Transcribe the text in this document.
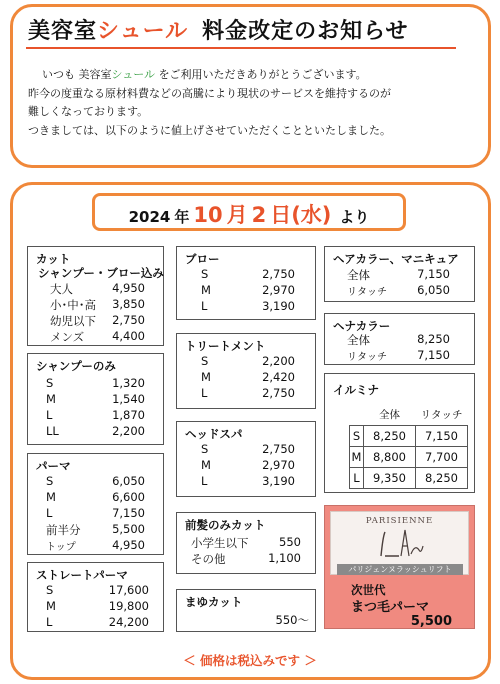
美容室シュール 料金改定のお知らせ
いつも 美容室シュール をご利用いただきありがとうございます。
昨今の度重なる原材料費などの高騰により現状のサービスを維持するのが
難しくなっております。
つきましては、以下のように値上げさせていただくことといたしました。
2024 年 10 月 2 日 (水) より
カット
シャンプー・ブロー込み
大人	4,950
小･中･高 3,850
幼児以下 2,750
メンズ 4,400
シャンプーのみ
S	1,320
M	1,540
L	1,870
LL	2,200
パーマ
S	6,050
M	6,600
L	7,150
前半分	5,500
トップ	4,950
ストレートパーマ
S	17,600
M	19,800
L	24,200
ブロー
S	2,750
M	2,970
L	3,190
トリートメント
S	2,200
M	2,420
L	2,750
ヘッドスパ
S	2,750
M	2,970
L	3,190
前髪のみカット
小学生以下	550
その他	1,100
まゆカット
550～
ヘアカラー、マニキュア
全体	7,150
リタッチ	6,050
ヘナカラー
全体	8,250
リタッチ	7,150
イルミナ
	全体	リタッチ
S	8,250	7,150
M	8,800	7,700
L	9,350	8,250
PARISIENNE
パリジェンヌラッシュリフト
次世代
まつ毛パーマ
5,500
＜ 価格は税込みです ＞
